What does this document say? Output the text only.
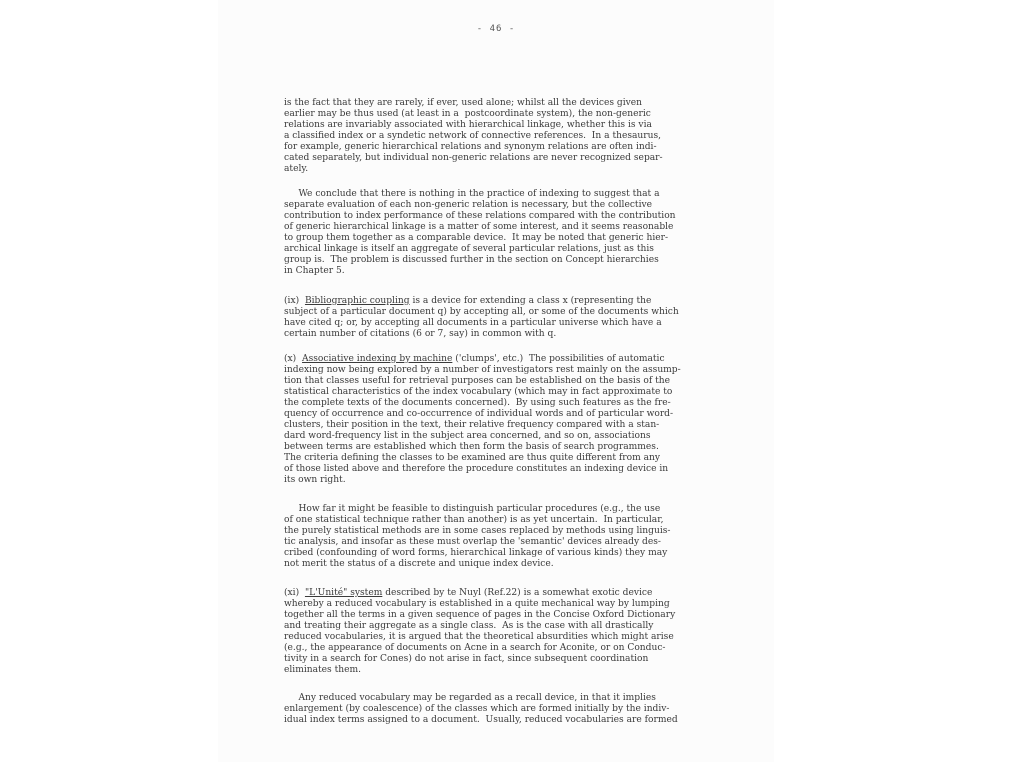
- 46 -
is the fact that they are rarely, if ever, used alone; whilst all the devices given
earlier may be thus used (at least in a  postcoordinate system), the non-generic
relations are invariably associated with hierarchical linkage, whether this is via
a classified index or a syndetic network of connective references.  In a thesaurus,
for example, generic hierarchical relations and synonym relations are often indi-
cated separately, but individual non-generic relations are never recognized separ-
ately.
We conclude that there is nothing in the practice of indexing to suggest that a
separate evaluation of each non-generic relation is necessary, but the collective
contribution to index performance of these relations compared with the contribution
of generic hierarchical linkage is a matter of some interest, and it seems reasonable
to group them together as a comparable device.  It may be noted that generic hier-
archical linkage is itself an aggregate of several particular relations, just as this
group is.  The problem is discussed further in the section on Concept hierarchies
in Chapter 5.
(ix) Bibliographic coupling is a device for extending a class x (representing the
subject of a particular document q) by accepting all, or some of the documents which
have cited q; or, by accepting all documents in a particular universe which have a
certain number of citations (6 or 7, say) in common with q.
(x) Associative indexing by machine ('clumps', etc.)  The possibilities of automatic
indexing now being explored by a number of investigators rest mainly on the assump-
tion that classes useful for retrieval purposes can be established on the basis of the
statistical characteristics of the index vocabulary (which may in fact approximate to
the complete texts of the documents concerned).  By using such features as the fre-
quency of occurrence and co-occurrence of individual words and of particular word-
clusters, their position in the text, their relative frequency compared with a stan-
dard word-frequency list in the subject area concerned, and so on, associations
between terms are established which then form the basis of search programmes.
The criteria defining the classes to be examined are thus quite different from any
of those listed above and therefore the procedure constitutes an indexing device in
its own right.
How far it might be feasible to distinguish particular procedures (e.g., the use
of one statistical technique rather than another) is as yet uncertain.  In particular,
the purely statistical methods are in some cases replaced by methods using linguis-
tic analysis, and insofar as these must overlap the 'semantic' devices already des-
cribed (confounding of word forms, hierarchical linkage of various kinds) they may
not merit the status of a discrete and unique index device.
(xi) "L'Unité" system described by te Nuyl (Ref.22) is a somewhat exotic device
whereby a reduced vocabulary is established in a quite mechanical way by lumping
together all the terms in a given sequence of pages in the Concise Oxford Dictionary
and treating their aggregate as a single class.  As is the case with all drastically
reduced vocabularies, it is argued that the theoretical absurdities which might arise
(e.g., the appearance of documents on Acne in a search for Aconite, or on Conduc-
tivity in a search for Cones) do not arise in fact, since subsequent coordination
eliminates them.
Any reduced vocabulary may be regarded as a recall device, in that it implies
enlargement (by coalescence) of the classes which are formed initially by the indiv-
idual index terms assigned to a document.  Usually, reduced vocabularies are formed
